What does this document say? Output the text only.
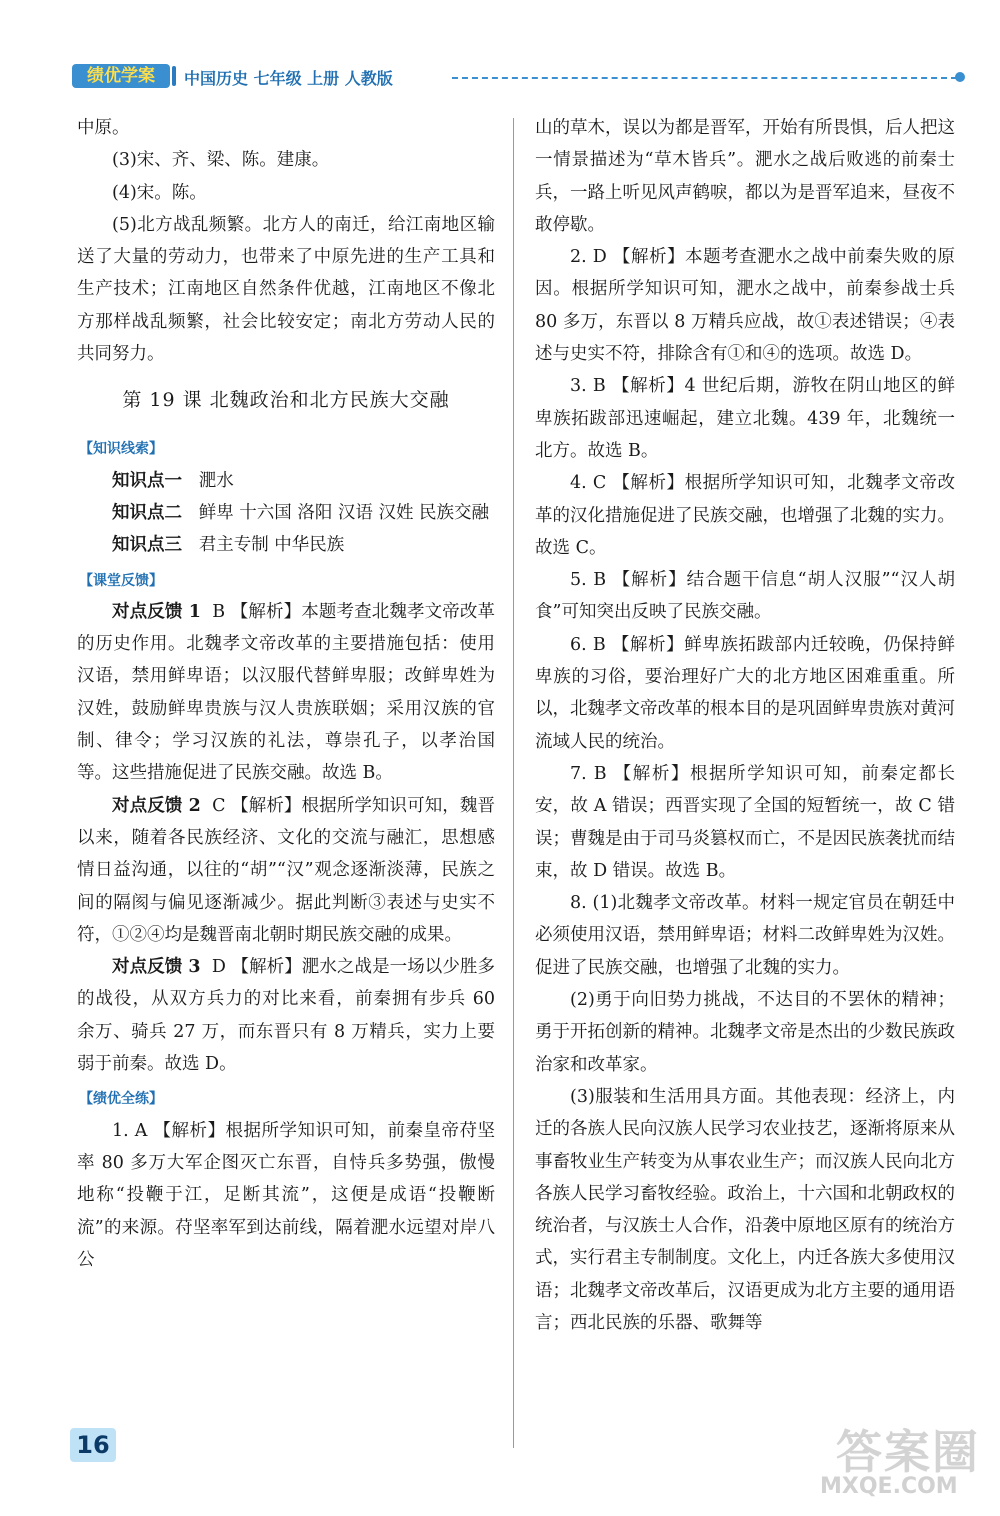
绩优学案	中国历史 七年级 上册 人教版

中原。

(3)宋、齐、梁、陈。建康。

(4)宋。陈。

(5)北方战乱频繁。北方人的南迁，给江南地区输送了大量的劳动力，也带来了中原先进的生产工具和生产技术；江南地区自然条件优越，江南地区不像北方那样战乱频繁，社会比较安定；南北方劳动人民的共同努力。

第 19 课 北魏政治和北方民族大交融

【知识线索】

知识点一 淝水

知识点二 鲜卑 十六国 洛阳 汉语 汉姓 民族交融

知识点三 君主专制 中华民族

【课堂反馈】

对点反馈 1 B 【解析】本题考查北魏孝文帝改革的历史作用。北魏孝文帝改革的主要措施包括：使用汉语，禁用鲜卑语；以汉服代替鲜卑服；改鲜卑姓为汉姓，鼓励鲜卑贵族与汉人贵族联姻；采用汉族的官制、律令；学习汉族的礼法，尊崇孔子，以孝治国等。这些措施促进了民族交融。故选 B。

对点反馈 2 C 【解析】根据所学知识可知，魏晋以来，随着各民族经济、文化的交流与融汇，思想感情日益沟通，以往的“胡”“汉”观念逐渐淡薄，民族之间的隔阂与偏见逐渐减少。据此判断③表述与史实不符，①②④均是魏晋南北朝时期民族交融的成果。

对点反馈 3 D 【解析】淝水之战是一场以少胜多的战役，从双方兵力的对比来看，前秦拥有步兵 60 余万、骑兵 27 万，而东晋只有 8 万精兵，实力上要弱于前秦。故选 D。

【绩优全练】

1. A 【解析】根据所学知识可知，前秦皇帝苻坚率 80 多万大军企图灭亡东晋，自恃兵多势强，傲慢地称“投鞭于江，足断其流”，这便是成语“投鞭断流”的来源。苻坚率军到达前线，隔着淝水远望对岸八公

山的草木，误以为都是晋军，开始有所畏惧，后人把这一情景描述为“草木皆兵”。淝水之战后败逃的前秦士兵，一路上听见风声鹤唳，都以为是晋军追来，昼夜不敢停歇。

2. D 【解析】本题考查淝水之战中前秦失败的原因。根据所学知识可知，淝水之战中，前秦参战士兵 80 多万，东晋以 8 万精兵应战，故①表述错误；④表述与史实不符，排除含有①和④的选项。故选 D。

3. B 【解析】4 世纪后期，游牧在阴山地区的鲜卑族拓跋部迅速崛起，建立北魏。439 年，北魏统一北方。故选 B。

4. C 【解析】根据所学知识可知，北魏孝文帝改革的汉化措施促进了民族交融，也增强了北魏的实力。故选 C。

5. B 【解析】结合题干信息“胡人汉服”“汉人胡食”可知突出反映了民族交融。

6. B 【解析】鲜卑族拓跋部内迁较晚，仍保持鲜卑族的习俗，要治理好广大的北方地区困难重重。所以，北魏孝文帝改革的根本目的是巩固鲜卑贵族对黄河流域人民的统治。

7. B 【解析】根据所学知识可知，前秦定都长安，故 A 错误；西晋实现了全国的短暂统一，故 C 错误；曹魏是由于司马炎篡权而亡，不是因民族袭扰而结束，故 D 错误。故选 B。

8. (1)北魏孝文帝改革。材料一规定官员在朝廷中必须使用汉语，禁用鲜卑语；材料二改鲜卑姓为汉姓。促进了民族交融，也增强了北魏的实力。

(2)勇于向旧势力挑战，不达目的不罢休的精神；勇于开拓创新的精神。北魏孝文帝是杰出的少数民族政治家和改革家。

(3)服装和生活用具方面。其他表现：经济上，内迁的各族人民向汉族人民学习农业技艺，逐渐将原来从事畜牧业生产转变为从事农业生产；而汉族人民向北方各族人民学习畜牧经验。政治上，十六国和北朝政权的统治者，与汉族士人合作，沿袭中原地区原有的统治方式，实行君主专制制度。文化上，内迁各族大多使用汉语；北魏孝文帝改革后，汉语更成为北方主要的通用语言；西北民族的乐器、歌舞等

16	答案圈
MXQE.COM
